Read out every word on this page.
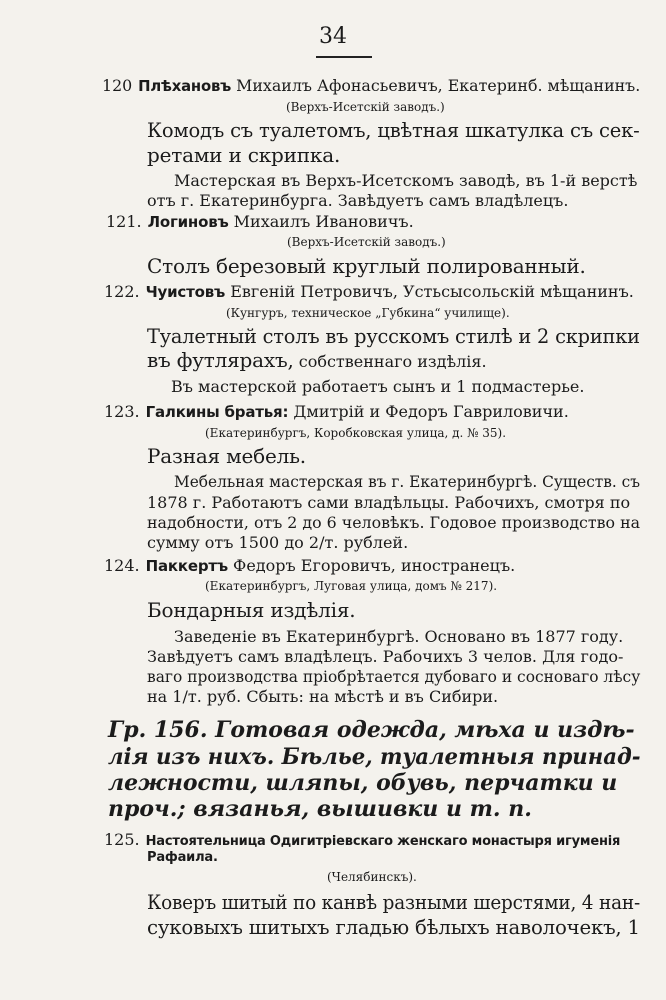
34
120 Плѣхановъ Михаилъ Афонасьевичъ, Екатеринб. мѣщанинъ.
(Верхъ-Исетскій заводъ.)
Комодъ съ туалетомъ, цвѣтная шкатулка съ сек-
ретами и скрипка.
Мастерская въ Верхъ-Исетскомъ заводѣ, въ 1-й верстѣ
отъ г. Екатеринбурга. Завѣдуетъ самъ владѣлецъ.
121. Логиновъ Михаилъ Ивановичъ.
(Верхъ-Исетскій заводъ.)
Столъ березовый круглый полированный.
122. Чуистовъ Евгеній Петровичъ, Устьсысольскій мѣщанинъ.
(Кунгуръ, техническое „Губкина“ училище).
Туалетный столъ въ русскомъ стилѣ и 2 скрипки
въ футлярахъ, собственнаго издѣлія.
Въ мастерской работаетъ сынъ и 1 подмастерье.
123. Галкины братья: Дмитрій и Федоръ Гавриловичи.
(Екатеринбургъ, Коробковская улица, д. № 35).
Разная мебель.
Мебельная мастерская въ г. Екатеринбургѣ. Существ. съ
1878 г. Работаютъ сами владѣльцы. Рабочихъ, смотря по
надобности, отъ 2 до 6 человѣкъ. Годовое производство на
сумму отъ 1500 до 2/т. рублей.
124. Паккертъ Федоръ Егоровичъ, иностранецъ.
(Екатеринбургъ, Луговая улица, домъ № 217).
Бондарныя издѣлія.
Заведеніе въ Екатеринбургѣ. Основано въ 1877 году.
Завѣдуетъ самъ владѣлецъ. Рабочихъ 3 челов. Для годо-
ваго производства пріобрѣтается дубоваго и сосноваго лѣсу
на 1/т. руб. Сбыть: на мѣстѣ и въ Сибири.
Гр. 156. Готовая одежда, мѣха и издѣ-
лія изъ нихъ. Бѣлье, туалетныя принад-
лежности, шляпы, обувь, перчатки и
проч.; вязанья, вышивки и т. п.
125. Настоятельница Одигитріевскаго женскаго монастыря игуменія
Рафаила.
(Челябинскъ).
Коверъ шитый по канвѣ разными шерстями, 4 нан-
суковыхъ шитыхъ гладью бѣлыхъ наволочекъ, 1
